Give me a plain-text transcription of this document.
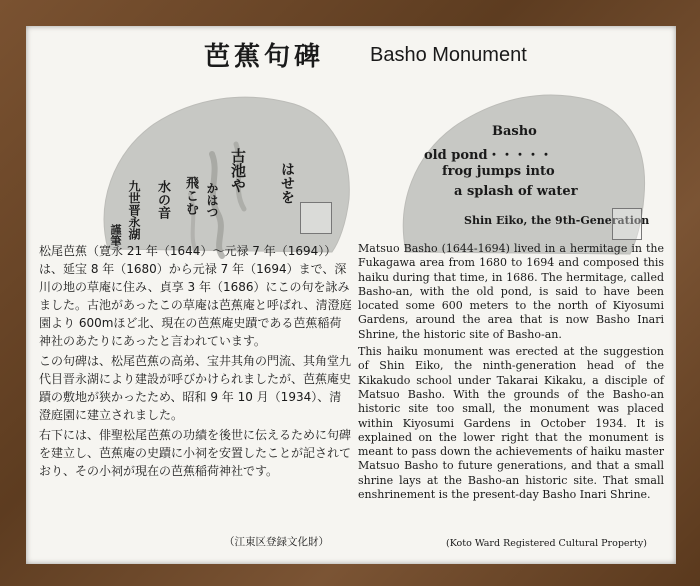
芭蕉句碑 Basho Monument
はせを
古池や
かはつ
飛こむ
水の音
九世晋永湖
謹筆
Basho
old pond・・・・・
frog jumps into
a splash of water
Shin Eiko, the 9th-Generation

松尾芭蕉（寛永 21 年（1644）～元禄 7 年（1694））は、延宝 8 年（1680）から元禄 7 年（1694）まで、深川の地の草庵に住み、貞享 3 年（1686）にこの句を詠みました。古池があったこの草庵は芭蕉庵と呼ばれ、清澄庭園より 600mほど北、現在の芭蕉庵史蹟である芭蕉稲荷神社のあたりにあったと言われています。

この句碑は、松尾芭蕉の高弟、宝井其角の門流、其角堂九代目晋永湖により建設が呼びかけられましたが、芭蕉庵史蹟の敷地が狭かったため、昭和 9 年 10 月（1934）、清澄庭園に建立されました。

右下には、俳聖松尾芭蕉の功績を後世に伝えるために句碑を建立し、芭蕉庵の史蹟に小祠を安置したことが記されており、その小祠が現在の芭蕉稲荷神社です。

（江東区登録文化財）

Matsuo Basho (1644-1694) lived in a hermitage in the Fukagawa area from 1680 to 1694 and composed this haiku during that time, in 1686. The hermitage, called Basho-an, with the old pond, is said to have been located some 600 meters to the north of Kiyosumi Gardens, around the area that is now Basho Inari Shrine, the historic site of Basho-an.

This haiku monument was erected at the suggestion of Shin Eiko, the ninth-generation head of the Kikakudo school under Takarai Kikaku, a disciple of Matsuo Basho. With the grounds of the Basho-an historic site too small, the monument was placed within Kiyosumi Gardens in October 1934. It is explained on the lower right that the monument is meant to pass down the achievements of haiku master Matsuo Basho to future generations, and that a small shrine lays at the Basho-an historic site. That small enshrinement is the present-day Basho Inari Shrine.

(Koto Ward Registered Cultural Property)
